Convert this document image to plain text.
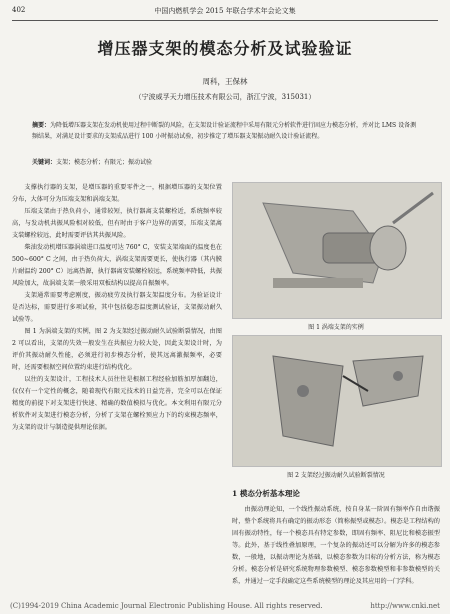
402	中国内燃机学会 2015 年联合学术年会论文集
增压器支架的模态分析及试验验证
周科，王保林
（宁波威孚天力增压技术有限公司，浙江宁波，315031）
摘要：为降低增压器支架在发动机使用过程中断裂的风险，在支架设计验证流程中采用有限元分析软件进行固应力模态分析，并对比 LMS 设备测频结果，对满足设计要求的支架成品进行 100 小时振动试验，初步推定了增压器支架振动耐久设计验证流程。
关键词：支架；模态分析；有限元；振动试验

支撑执行器的支架，是增压器的重要零件之一，根据增压器的支架位置分布，大体可分为压端支架和涡端支架。

压端支架由于热负荷小，通常较短，执行器离支装螺栓近，系统频率较高，与发动机共振风险相对较低，但有时由于客户边界的需要，压端支架离支装螺栓较远，此时需要评估其共振风险。

柴油发动机增压器涡端进口温度可达 760° C，安装支架端面的温度也在 500~600° C 之间，由于热负荷大，涡端支架需要更长，使执行器（其内膜片耐温约 200° C）远离热源，执行器离安装螺栓较远，系统频率降低，共振风险加大，故涡端支架一般采用双板结构以提高自振频率。

支架通常需要考虑刚度，振动疲劳及执行器支架温度分布。为验证设计是否达标，需要进行多项试验，其中包括稳态温度测试验证，支架振动耐久试验等。

图 1 为涡端支架的实例，图 2 为支架经过振动耐久试验断裂情况，由图 2 可以看出，支架的失效一般发生在共振应力较大处，因此支架设计时，为评价其振动耐久性能，必须进行初步模态分析，使其远离激振频率，必要时，还需要根据空间位置约束进行结构优化。

以往的支架设计，工程技术人员往往是根据工程经验加筋加厚加翻边，仅仅有一个定性的概念，随着现代有限元技术的日益完善，完全可以在保证精度的前提下对支架进行快速、精确的数值模拟与优化。本文利用有限元分析软件对支架进行模态分析，分析了支架在螺栓预应力下的约束模态频率，为支架的设计与制造提供理论依据。

图 1 涡端支架的实例
图 2 支架经过振动耐久试验断裂情况
1 模态分析基本理论

由振动理论知，一个线性振动系统，按自身某一阶固有频率作自由谐振时，整个系统将具有确定的振动形态（简称振型或模态）。模态是工程结构的固有振动特性，每一个模态具有特定参数，即固有频率、阻尼比和模态振型等。此外，基于线性叠加原理，一个复杂的振动还可以分解为许多的模态参数，一般地，以振动理论为基础，以模态参数为目标的分析方法，称为模态分析。模态分析是研究系统物理参数模型、模态参数模型和非参数模型的关系，并通过一定手段确定这些系统模型的理论及其应用的一门学科。

(C)1994-2019 China Academic Journal Electronic Publishing House. All rights reserved.	http://www.cnki.net
